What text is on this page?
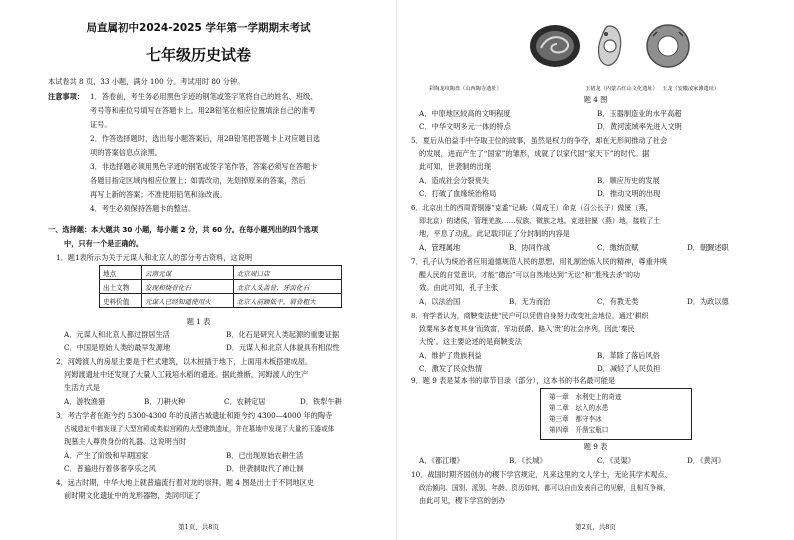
局直属初中2024-2025 学年第一学期期末考试
七年级历史试卷
本试卷共 8 页，33 小题，满分 100 分。考试用时 80 分钟。
注意事项： 1．答卷前，考生务必用黑色字迹的钢笔或签字笔将自己的姓名、班级、
考号等和座位号填写在答题卡上。用2B铅笔在相应位置填涂自己的准考
证号。
2．作答选择题时，选出每小题答案后，用2B铅笔把答题卡上对应题目选
项的答案信息点涂黑。
3．非选择题必须用黑色字迹的钢笔或签字笔作答，答案必须写在答题卡
各题目指定区域内相应位置上；如需改动，先划掉原来的答案，然后
再写上新的答案；不准使用铅笔和涂改液。
4．考生必须保持答题卡的整洁。
一、选择题：本大题共 30 小题，每小题 2 分，共 60 分。在每小题列出的四个选项
中，只有一个是正确的。
1．题1表所示为关于元谋人和北京人的部分考古资料，这说明
地点	云南元谋	北京周口店
出土文物	发现和烧骨化石	北京人头盖骨、牙齿化石
史料价值	元谋人已经知道使用火	北京人前额低平，眉骨粗大
题 1 表
A．元谋人和北京人都过群居生活	B．化石是研究人类起源的重要证据
C．中国是原始人类的最早发源地	D．元谋人和北京人体貌具有相似性
2．河姆渡人的房屋主要是干栏式建筑，以木桩插于地下，上面用木板搭建成屋。
河姆渡遗址中还发现了大量人工栽培水稻的遗迹。据此推断，河姆渡人的生产
生活方式是
A．游牧渔猎	B．刀耕火种	C．农耕定居	D．铁犁牛耕
3．考古学者在距今约 5300-4300 年的良渚古城遗址和距今约 4300—4000 年的陶寺
古城遗址中都发现了大型宫殿或类似宫殿的大型建筑遗址，并在墓地中发现了大量的玉器或体
现墓主人尊贵身份的礼器。这说明当时
A．产生了阶级和早期国家	B．已出现原始农耕生活
C．普遍进行着侈奢享乐之风	D．世袭制取代了禅让制
4．远古时期，中华大地上就普遍流行着对龙的崇拜。题 4 图是出土于不同地区史
前时期文化遗址中的龙形器物，类同印证了
第1页，共8页
彩陶龙纹陶盘（山西陶寺遗址）	玉猪龙（内蒙古红山文化遗址） 玉龙（安徽凌家滩遗址）
题 4 图
A．中原地区较高的文明程度	B．玉器制造业的水平高超
C．中华文明多元一体的特点	D．黄河流域率先进入文明
5．夏后从伯益手中夺取王位的故事，虽然是权力的争夺，却在无形间推动了社会
的发展，进而产生了“国家”的雏形，成就了以家代国“家天下”的时代。据
此可知，世袭制的出现
A．造成社会分裂衰失	B．顺应历史的发展
C．打破了血缘统治格局	D．推动文明的出现
6．北京出土的西周青铜器“克盉”记载:（周成王）命克（召公长子）做匽（燕，
即北京）的诸侯，管理羌族……驭族、微族之地。克进驻匽（燕）地，接收了土
地，平息了动乱。此记载印证了分封制的内容是
A．管理属地	B．协同作战	C．缴纳贡赋	D．朝觐述职
7．孔子认为统治者应用道德规范人民的思想，用礼制治炼人民的精神，尊重并唤
醒人民的自觉意识，才能“德治”可以自然地达到“无讼”和“胜残去杀”的功
效。由此可知，孔子主张
A．以法治国	B．无为而治	C．有教无类	D．为政以德
8．有学者认为，商鞅变法使“民户可以凭借自身努力改变社会地位，通过‘耕织
致粟帛多者复其身’而致富，军功获爵，路入‘贵’的社会序列，因此‘秦民
大悦’。这主要论述的是商鞅变法
A．维护了贵族利益	B．革除了落后风俗
C．激发了民众热情	D．减轻了人民负担
9．题 9 表是某本书的章节目录（部分），这本书的书名最可能是
题 9 表
A．《都江堰》	B．《长城》	C．《灵渠》	D．《黄河》
10．战国时期齐国创办的稷下学宫规定，凡来这里的文人学士，无论其学术观点、
政治倾向、国别、派别、年龄、资历如何，都可以自由发表自己的见解，且相互争辩，
由此可见，稷下学宫的创办
第2页，共8页
第一章　水利史上的奇迹
第二章　坛入的水患
第三章　都守李冰
第四章　开凿宝瓶口
